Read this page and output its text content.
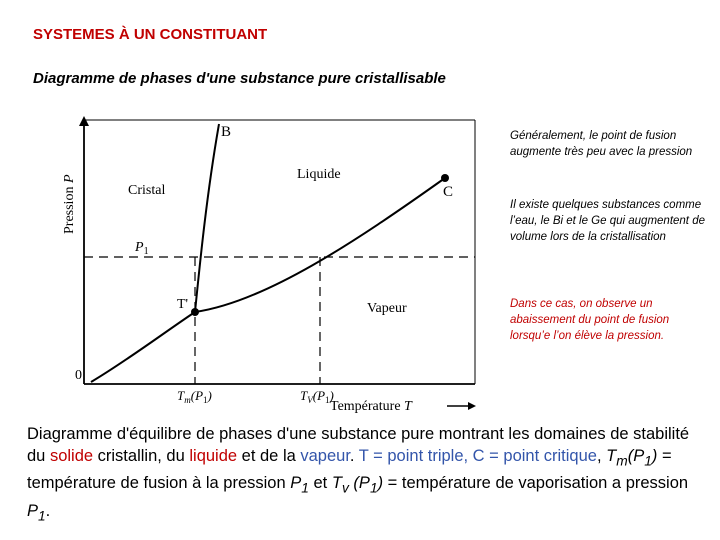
SYSTEMES À UN CONSTITUANT
Diagramme de phases d'une substance pure cristallisable
B
C
T'
Cristal
Liquide
Vapeur
0
$P_1$
Pression P
$T_m(P_1)$	$T_V(P_1)$
Température T
Généralement, le point de fusion augmente très peu avec la pression
Il existe quelques substances comme l’eau, le Bi et le Ge qui augmentent de volume lors de la cristallisation
Dans ce cas, on observe un abaissement du point de fusion lorsqu’e l’on élève la pression.
Diagramme d'équilibre de phases d'une substance pure montrant les domaines de stabilité du solide cristallin, du liquide et de la vapeur. T = point triple, C = point critique, $T_m(P_1)$ = température de fusion à la pression $P_1$ et $T_v$ $(P_1)$ = température de vaporisation a pression $P_1$.
